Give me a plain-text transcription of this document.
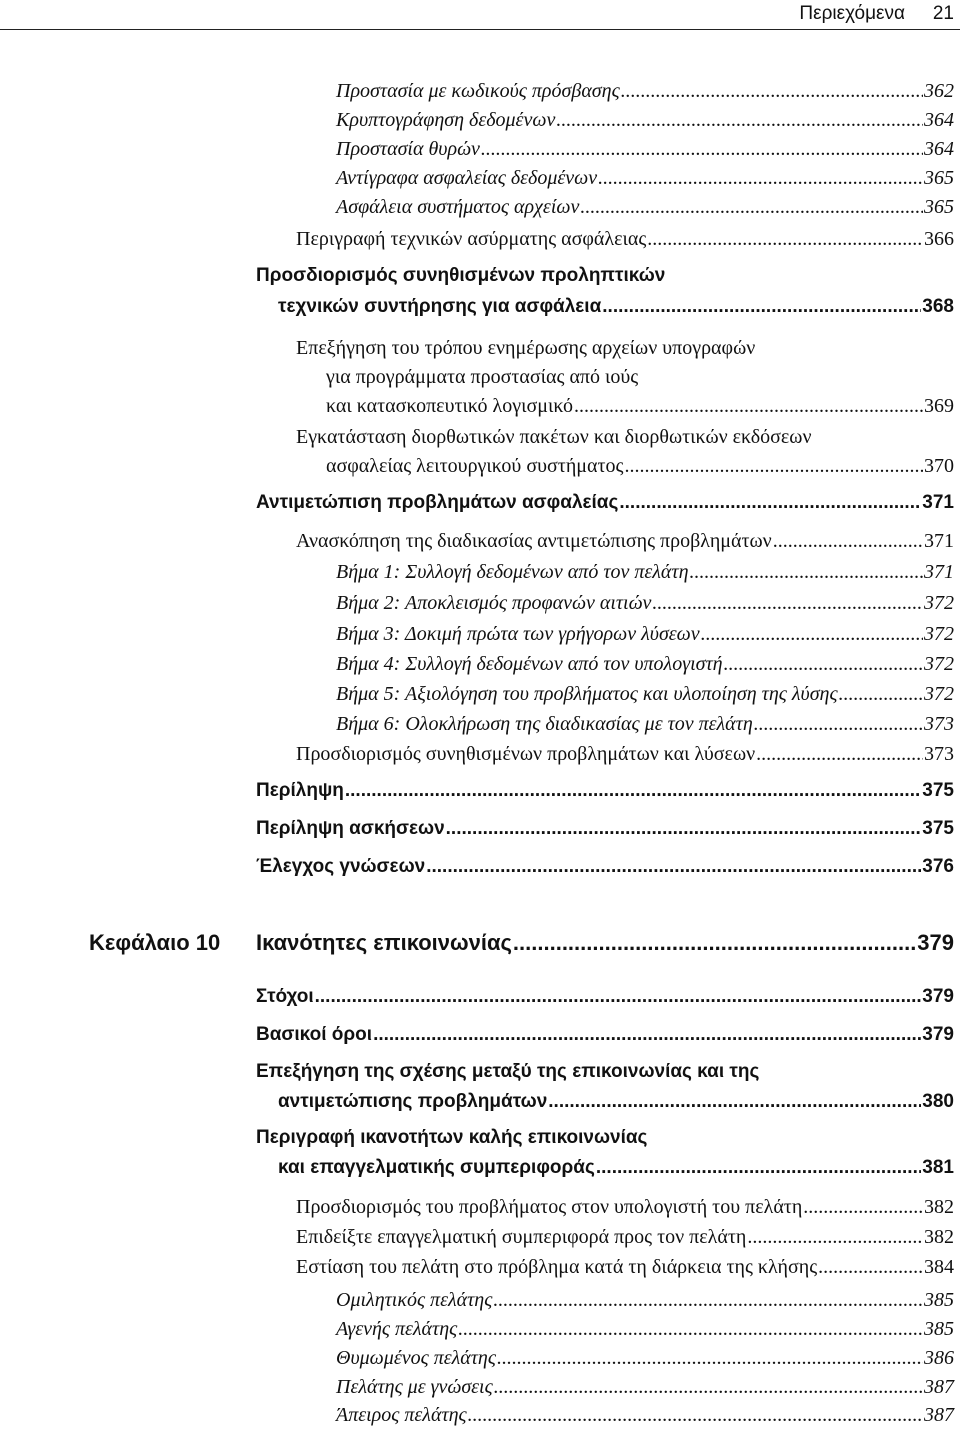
Περιεχόμενα 21
Προστασία με κωδικούς πρόσβασης .....	362
Κρυπτογράφηση δεδομένων .....	364
Προστασία θυρών .....	364
Αντίγραφα ασφαλείας δεδομένων .....	365
Ασφάλεια συστήματος αρχείων .....	365
Περιγραφή τεχνικών ασύρματης ασφάλειας .....	366
Προσδιορισμός συνηθισμένων προληπτικών
τεχνικών συντήρησης για ασφάλεια .....	368
Επεξήγηση του τρόπου ενημέρωσης αρχείων υπογραφών
για προγράμματα προστασίας από ιούς
και κατασκοπευτικό λογισμικό .....	369
Εγκατάσταση διορθωτικών πακέτων και διορθωτικών εκδόσεων
ασφαλείας λειτουργικού συστήματος .....	370
Αντιμετώπιση προβλημάτων ασφαλείας .....	371
Ανασκόπηση της διαδικασίας αντιμετώπισης προβλημάτων .....	371
Βήμα 1: Συλλογή δεδομένων από τον πελάτη .....	371
Βήμα 2: Αποκλεισμός προφανών αιτιών .....	372
Βήμα 3: Δοκιμή πρώτα των γρήγορων λύσεων .....	372
Βήμα 4: Συλλογή δεδομένων από τον υπολογιστή .....	372
Βήμα 5: Αξιολόγηση του προβλήματος και υλοποίηση της λύσης .....	372
Βήμα 6: Ολοκλήρωση της διαδικασίας με τον πελάτη .....	373
Προσδιορισμός συνηθισμένων προβλημάτων και λύσεων .....	373
Περίληψη .....	375
Περίληψη ασκήσεων .....	375
Έλεγχος γνώσεων .....	376
Κεφάλαιο 10 Ικανότητες επικοινωνίας .....	379
Στόχοι .....	379
Βασικοί όροι .....	379
Επεξήγηση της σχέσης μεταξύ της επικοινωνίας και της
αντιμετώπισης προβλημάτων .....	380
Περιγραφή ικανοτήτων καλής επικοινωνίας
και επαγγελματικής συμπεριφοράς .....	381
Προσδιορισμός του προβλήματος στον υπολογιστή του πελάτη .....	382
Επιδείξτε επαγγελματική συμπεριφορά προς τον πελάτη .....	382
Εστίαση του πελάτη στο πρόβλημα κατά τη διάρκεια της κλήσης .....	384
Ομιλητικός πελάτης .....	385
Αγενής πελάτης .....	385
Θυμωμένος πελάτης .....	386
Πελάτης με γνώσεις .....	387
Άπειρος πελάτης .....	387
